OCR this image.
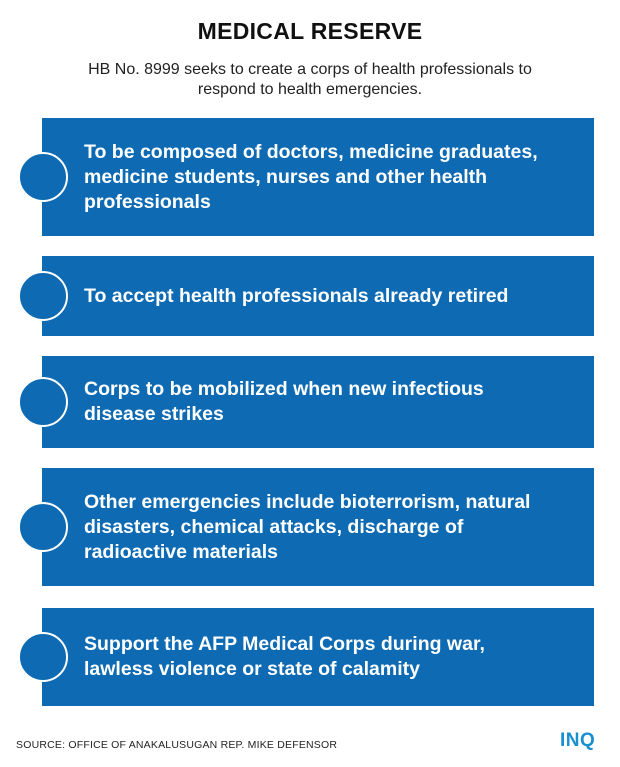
MEDICAL RESERVE
HB No. 8999 seeks to create a corps of health professionals to respond to health emergencies.
To be composed of doctors, medicine graduates, medicine students, nurses and other health professionals
To accept health professionals already retired
Corps to be mobilized when new infectious disease strikes
Other emergencies include bioterrorism, natural disasters, chemical attacks, discharge of radioactive materials
Support the AFP Medical Corps during war, lawless violence or state of calamity
SOURCE: OFFICE OF ANAKALUSUGAN REP. MIKE DEFENSOR	INQ
